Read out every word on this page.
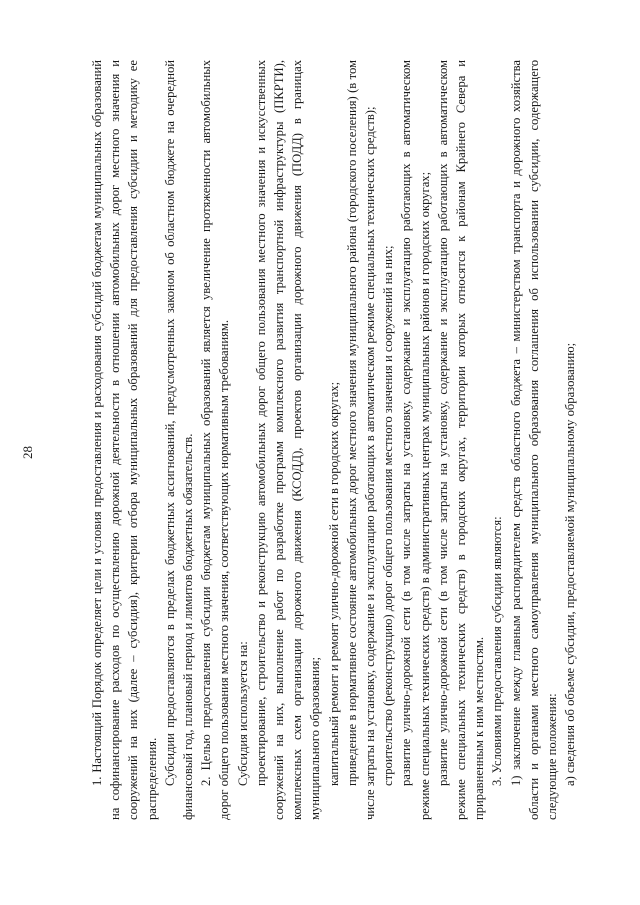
28	1. Настоящий Порядок определяет цели и условия предоставления и расходования субсидий бюджетам муниципальных образований на софинансирование расходов по осуществлению дорожной деятельности в отношении автомобильных дорог местного значения и сооружений на них (далее – субсидия), критерии отбора муниципальных образований для предоставления субсидии и методику ее распределения. Субсидии предоставляются в пределах бюджетных ассигнований, предусмотренных законом об областном бюджете на очередной финансовый год, плановый период и лимитов бюджетных обязательств. 2. Целью предоставления субсидии бюджетам муниципальных образований является увеличение протяженности автомобильных дорог общего пользования местного значения, соответствующих нормативным требованиям. Субсидия используется на: проектирование, строительство и реконструкцию автомобильных дорог общего пользования местного значения и искусственных сооружений на них, выполнение работ по разработке программ комплексного развития транспортной инфраструктуры (ПКРТИ), комплексных схем организации дорожного движения (КСОДД), проектов организации дорожного движения (ПОДД) в границах муниципального образования; капитальный ремонт и ремонт улично-дорожной сети в городских округах; приведение в нормативное состояние автомобильных дорог местного значения муниципального района (городского поселения) (в том числе затраты на установку, содержание и эксплуатацию работающих в автоматическом режиме специальных технических средств); строительство (реконструкцию) дорог общего пользования местного значения и сооружений на них; развитие улично-дорожной сети (в том числе затраты на установку, содержание и эксплуатацию работающих в автоматическом режиме специальных технических средств) в административных центрах муниципальных районов и городских округах; развитие улично-дорожной сети (в том числе затраты на установку, содержание и эксплуатацию работающих в автоматическом режиме специальных технических средств) в городских округах, территории которых относятся к районам Крайнего Севера и приравненным к ним местностям. 3. Условиями предоставления субсидии являются: 1) заключение между главным распорядителем средств областного бюджета – министерством транспорта и дорожного хозяйства области и органами местного самоуправления муниципального образования соглашения об использовании субсидии, содержащего следующие положения: а) сведения об объеме субсидии, предоставляемой муниципальному образованию;
